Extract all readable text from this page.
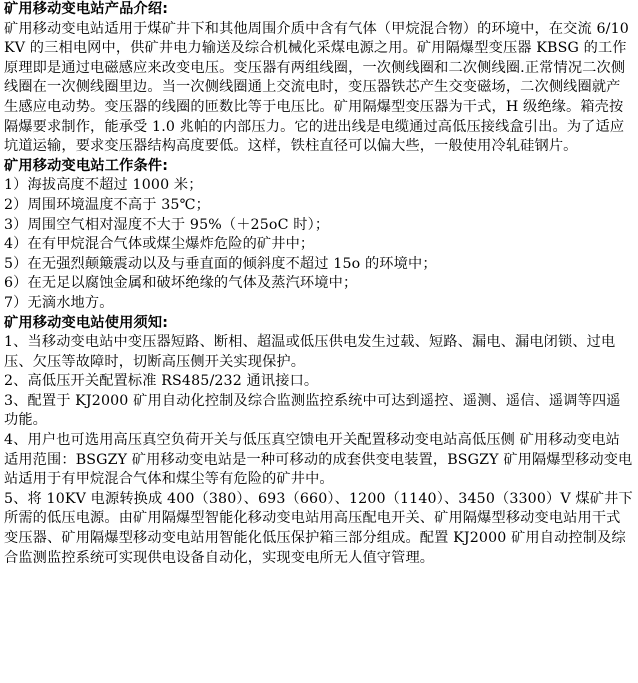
矿用移动变电站产品介绍:
矿用移动变电站适用于煤矿井下和其他周围介质中含有气体（甲烷混合物）的环境中，在交流 6/10KV 的三相电网中，供矿井电力输送及综合机械化采煤电源之用。矿用隔爆型变压器 KBSG 的工作原理即是通过电磁感应来改变电压。变压器有两组线圈，一次侧线圈和二次侧线圈.正常情况二次侧线圈在一次侧线圈里边。当一次侧线圈通上交流电时，变压器铁芯产生交变磁场，二次侧线圈就产生感应电动势。变压器的线圈的匝数比等于电压比。矿用隔爆型变压器为干式，H 级绝缘。箱壳按隔爆要求制作，能承受 1.0 兆帕的内部压力。它的进出线是电缆通过高低压接线盒引出。为了适应坑道运输，要求变压器结构高度要低。这样，铁柱直径可以偏大些，一般使用冷轧硅钢片。
矿用移动变电站工作条件:
1）海拔高度不超过 1000 米；
2）周围环境温度不高于 35℃；
3）周围空气相对湿度不大于 95%（＋25oC 时）；
4）在有甲烷混合气体或煤尘爆炸危险的矿井中；
5）在无强烈颠簸震动以及与垂直面的倾斜度不超过 15o 的环境中；
6）在无足以腐蚀金属和破坏绝缘的气体及蒸汽环境中；
7）无滴水地方。
矿用移动变电站使用须知:
1、当移动变电站中变压器短路、断相、超温或低压供电发生过载、短路、漏电、漏电闭锁、过电压、欠压等故障时，切断高压侧开关实现保护。
2、高低压开关配置标准 RS485/232 通讯接口。
3、配置于 KJ2000 矿用自动化控制及综合监测监控系统中可达到遥控、遥测、遥信、遥调等四遥功能。
4、用户也可选用高压真空负荷开关与低压真空馈电开关配置移动变电站高低压侧 矿用移动变电站适用范围：BSGZY 矿用移动变电站是一种可移动的成套供变电装置，BSGZY 矿用隔爆型移动变电站适用于有甲烷混合气体和煤尘等有危险的矿井中。
5、将 10KV 电源转换成 400（380）、693（660）、1200（1140）、3450（3300）V 煤矿井下所需的低压电源。由矿用隔爆型智能化移动变电站用高压配电开关、矿用隔爆型移动变电站用干式变压器、矿用隔爆型移动变电站用智能化低压保护箱三部分组成。配置 KJ2000 矿用自动控制及综合监测监控系统可实现供电设备自动化，实现变电所无人值守管理。
